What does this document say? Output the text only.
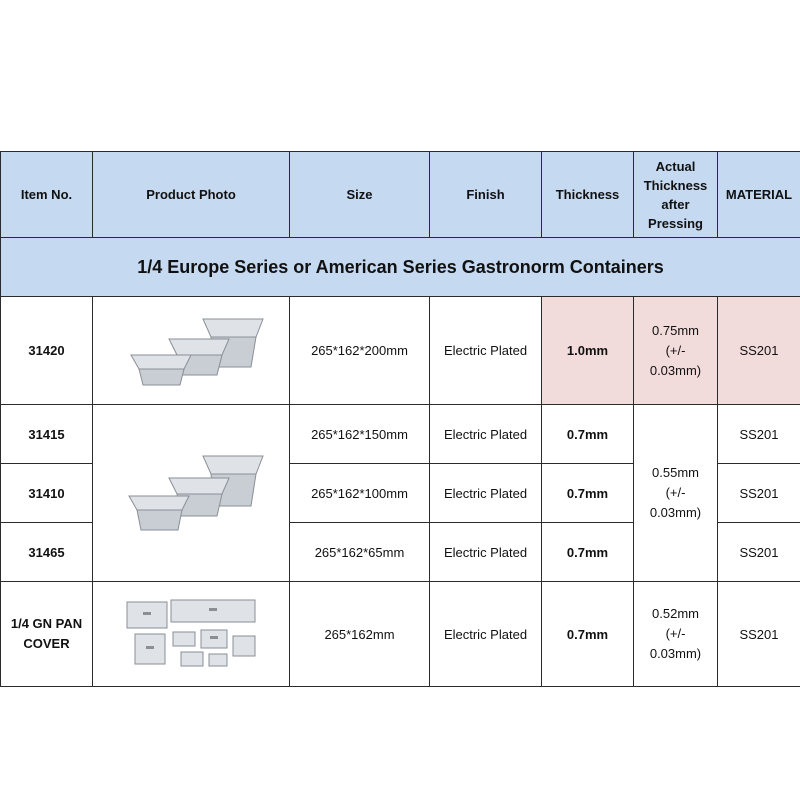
Item No.	Product Photo	Size	Finish	Thickness	Actual
Thickness
after
Pressing	MATERIAL
1/4 Europe Series or American Series Gastronorm Containers						
31420		265*162*200mm	Electric Plated	1.0mm	0.75mm
(+/-
0.03mm)	SS201
31415		265*162*150mm	Electric Plated	0.7mm	0.55mm
(+/-
0.03mm)	SS201
31410		265*162*100mm	Electric Plated	0.7mm		SS201
31465		265*162*65mm	Electric Plated	0.7mm		SS201
1/4 GN PAN
COVER		265*162mm	Electric Plated	0.7mm	0.52mm
(+/-
0.03mm)	SS201
